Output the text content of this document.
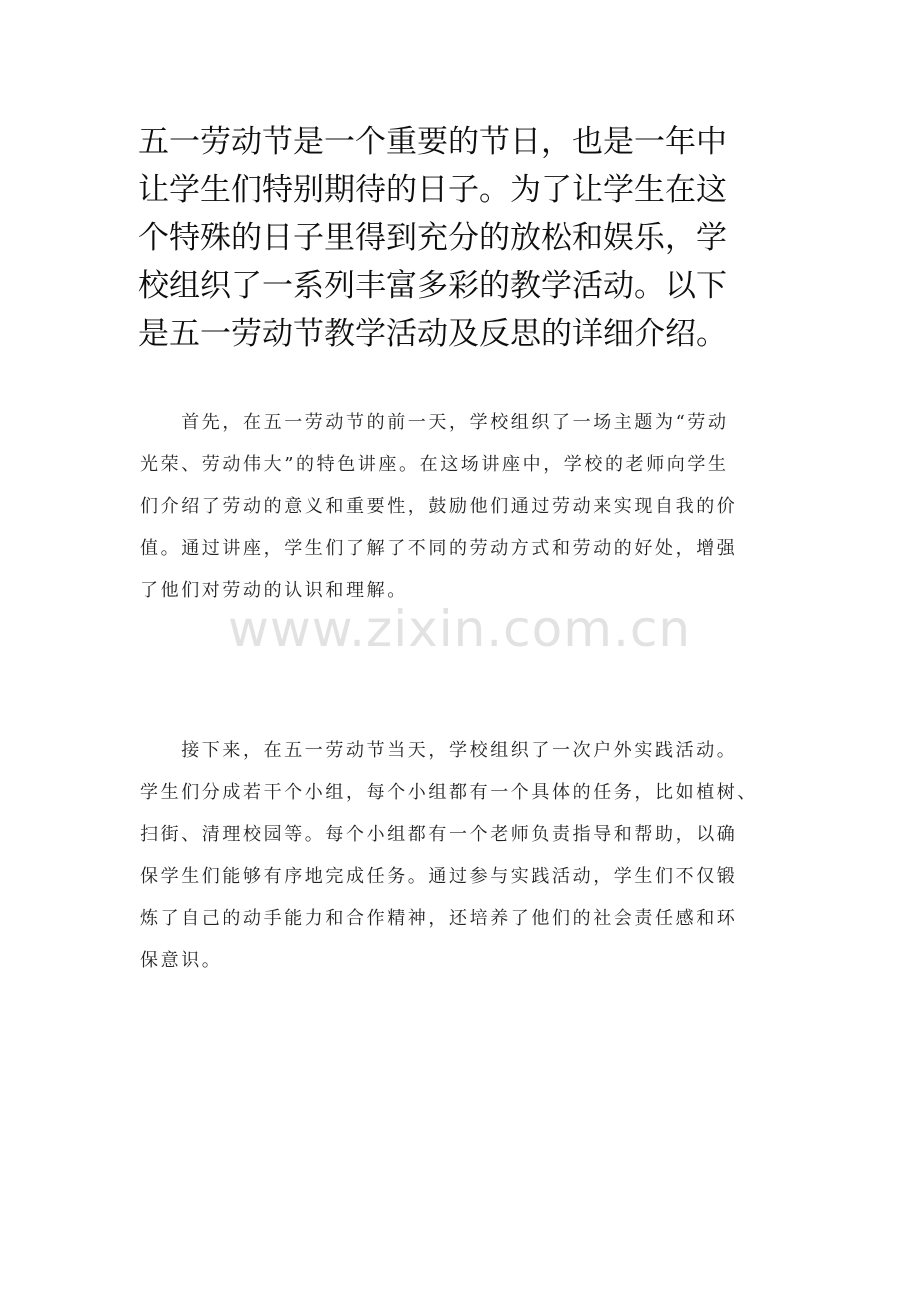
五一劳动节是一个重要的节日，也是一年中
让学生们特别期待的日子。为了让学生在这
个特殊的日子里得到充分的放松和娱乐，学
校组织了一系列丰富多彩的教学活动。以下
是五一劳动节教学活动及反思的详细介绍。
　　首先，在五一劳动节的前一天，学校组织了一场主题为“劳动
光荣、劳动伟大”的特色讲座。在这场讲座中，学校的老师向学生
们介绍了劳动的意义和重要性，鼓励他们通过劳动来实现自我的价
值。通过讲座，学生们了解了不同的劳动方式和劳动的好处，增强
了他们对劳动的认识和理解。
　　接下来，在五一劳动节当天，学校组织了一次户外实践活动。
学生们分成若干个小组，每个小组都有一个具体的任务，比如植树、
扫街、清理校园等。每个小组都有一个老师负责指导和帮助，以确
保学生们能够有序地完成任务。通过参与实践活动，学生们不仅锻
炼了自己的动手能力和合作精神，还培养了他们的社会责任感和环
保意识。
www.zixin.com.cn
